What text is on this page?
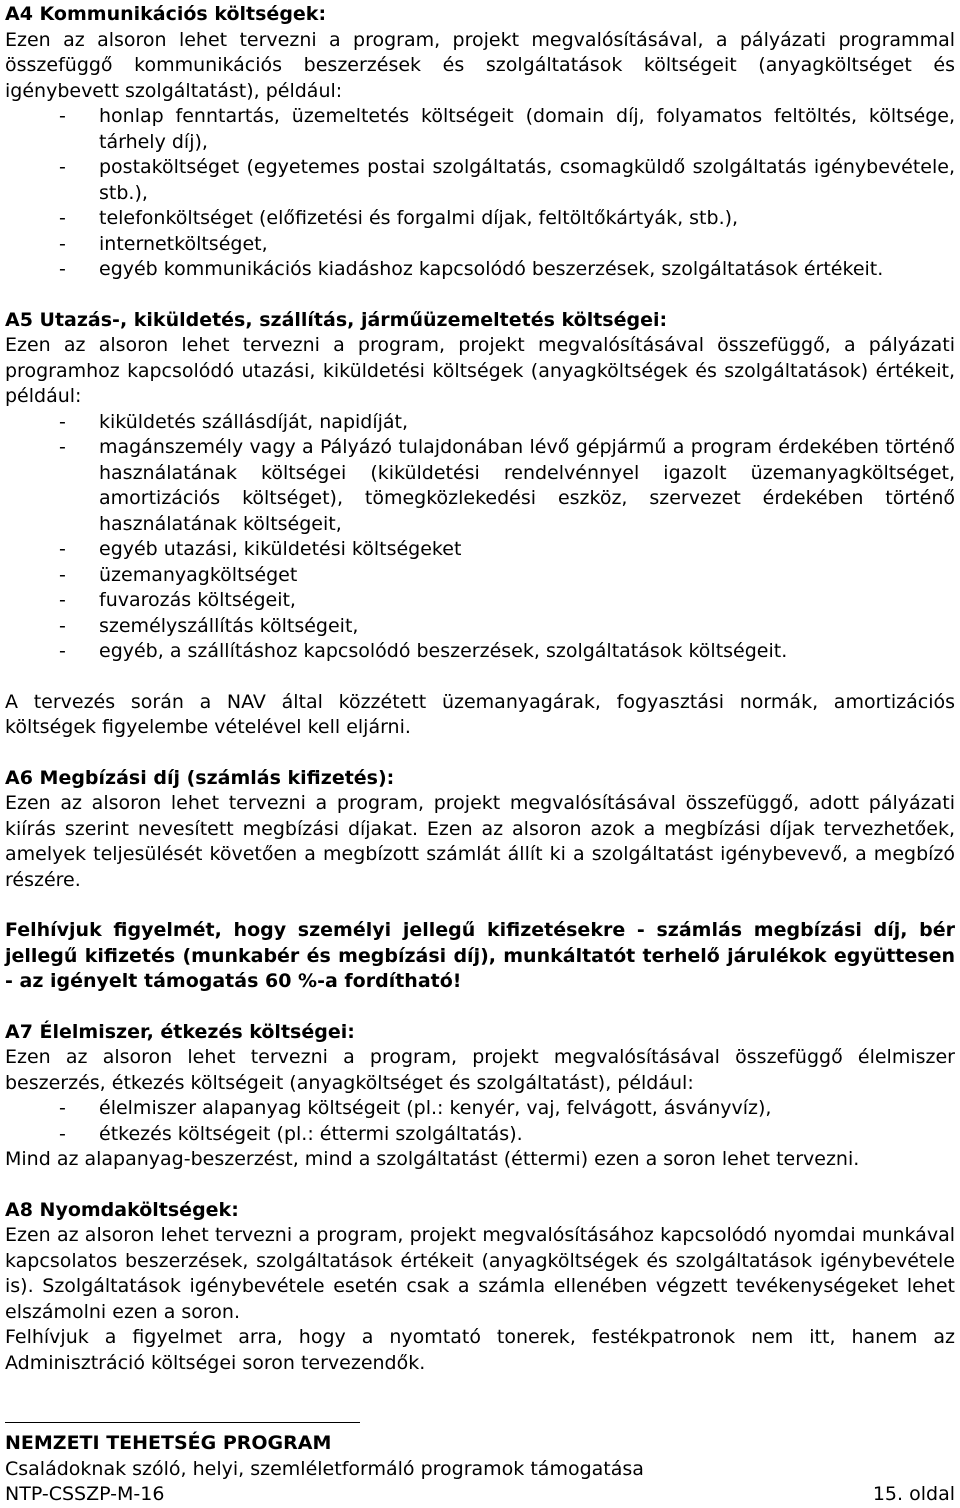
A4 Kommunikációs költségek:

Ezen az alsoron lehet tervezni a program, projekt megvalósításával, a pályázati programmal összefüggő kommunikációs beszerzések és szolgáltatások költségeit (anyagköltséget és igénybevett szolgáltatást), például:

- honlap fenntartás, üzemeltetés költségeit (domain díj, folyamatos feltöltés, költsége, tárhely díj),
- postaköltséget (egyetemes postai szolgáltatás, csomagküldő szolgáltatás igénybevétele, stb.),
- telefonköltséget (előfizetési és forgalmi díjak, feltöltőkártyák, stb.),
- internetköltséget,
- egyéb kommunikációs kiadáshoz kapcsolódó beszerzések, szolgáltatások értékeit.
A5 Utazás-, kiküldetés, szállítás, járműüzemeltetés költségei:

Ezen az alsoron lehet tervezni a program, projekt megvalósításával összefüggő, a pályázati programhoz kapcsolódó utazási, kiküldetési költségek (anyagköltségek és szolgáltatások) értékeit, például:

- kiküldetés szállásdíját, napidíját,
- magánszemély vagy a Pályázó tulajdonában lévő gépjármű a program érdekében történő használatának költségei (kiküldetési rendelvénnyel igazolt üzemanyagköltséget, amortizációs költséget), tömegközlekedési eszköz, szervezet érdekében történő használatának költségeit,
- egyéb utazási, kiküldetési költségeket
- üzemanyagköltséget
- fuvarozás költségeit,
- személyszállítás költségeit,
- egyéb, a szállításhoz kapcsolódó beszerzések, szolgáltatások költségeit.

A tervezés során a NAV által közzétett üzemanyagárak, fogyasztási normák, amortizációs költségek figyelembe vételével kell eljárni.

A6 Megbízási díj (számlás kifizetés):

Ezen az alsoron lehet tervezni a program, projekt megvalósításával összefüggő, adott pályázati kiírás szerint nevesített megbízási díjakat. Ezen az alsoron azok a megbízási díjak tervezhetőek, amelyek teljesülését követően a megbízott számlát állít ki a szolgáltatást igénybevevő, a megbízó részére.

Felhívjuk figyelmét, hogy személyi jellegű kifizetésekre - számlás megbízási díj, bér jellegű kifizetés (munkabér és megbízási díj), munkáltatót terhelő járulékok együttesen - az igényelt támogatás 60 %-a fordítható!

A7 Élelmiszer, étkezés költségei:

Ezen az alsoron lehet tervezni a program, projekt megvalósításával összefüggő élelmiszer beszerzés, étkezés költségeit (anyagköltséget és szolgáltatást), például:

- élelmiszer alapanyag költségeit (pl.: kenyér, vaj, felvágott, ásványvíz),
- étkezés költségeit (pl.: éttermi szolgáltatás).

Mind az alapanyag-beszerzést, mind a szolgáltatást (éttermi) ezen a soron lehet tervezni.

A8 Nyomdaköltségek:

Ezen az alsoron lehet tervezni a program, projekt megvalósításához kapcsolódó nyomdai munkával kapcsolatos beszerzések, szolgáltatások értékeit (anyagköltségek és szolgáltatások igénybevétele is). Szolgáltatások igénybevétele esetén csak a számla ellenében végzett tevékenységeket lehet elszámolni ezen a soron.

Felhívjuk a figyelmet arra, hogy a nyomtató tonerek, festékpatronok nem itt, hanem az Adminisztráció költségei soron tervezendők.

NEMZETI TEHETSÉG PROGRAM
Családoknak szóló, helyi, szemléletformáló programok támogatása
NTP-CSSZP-M-16	15. oldal
